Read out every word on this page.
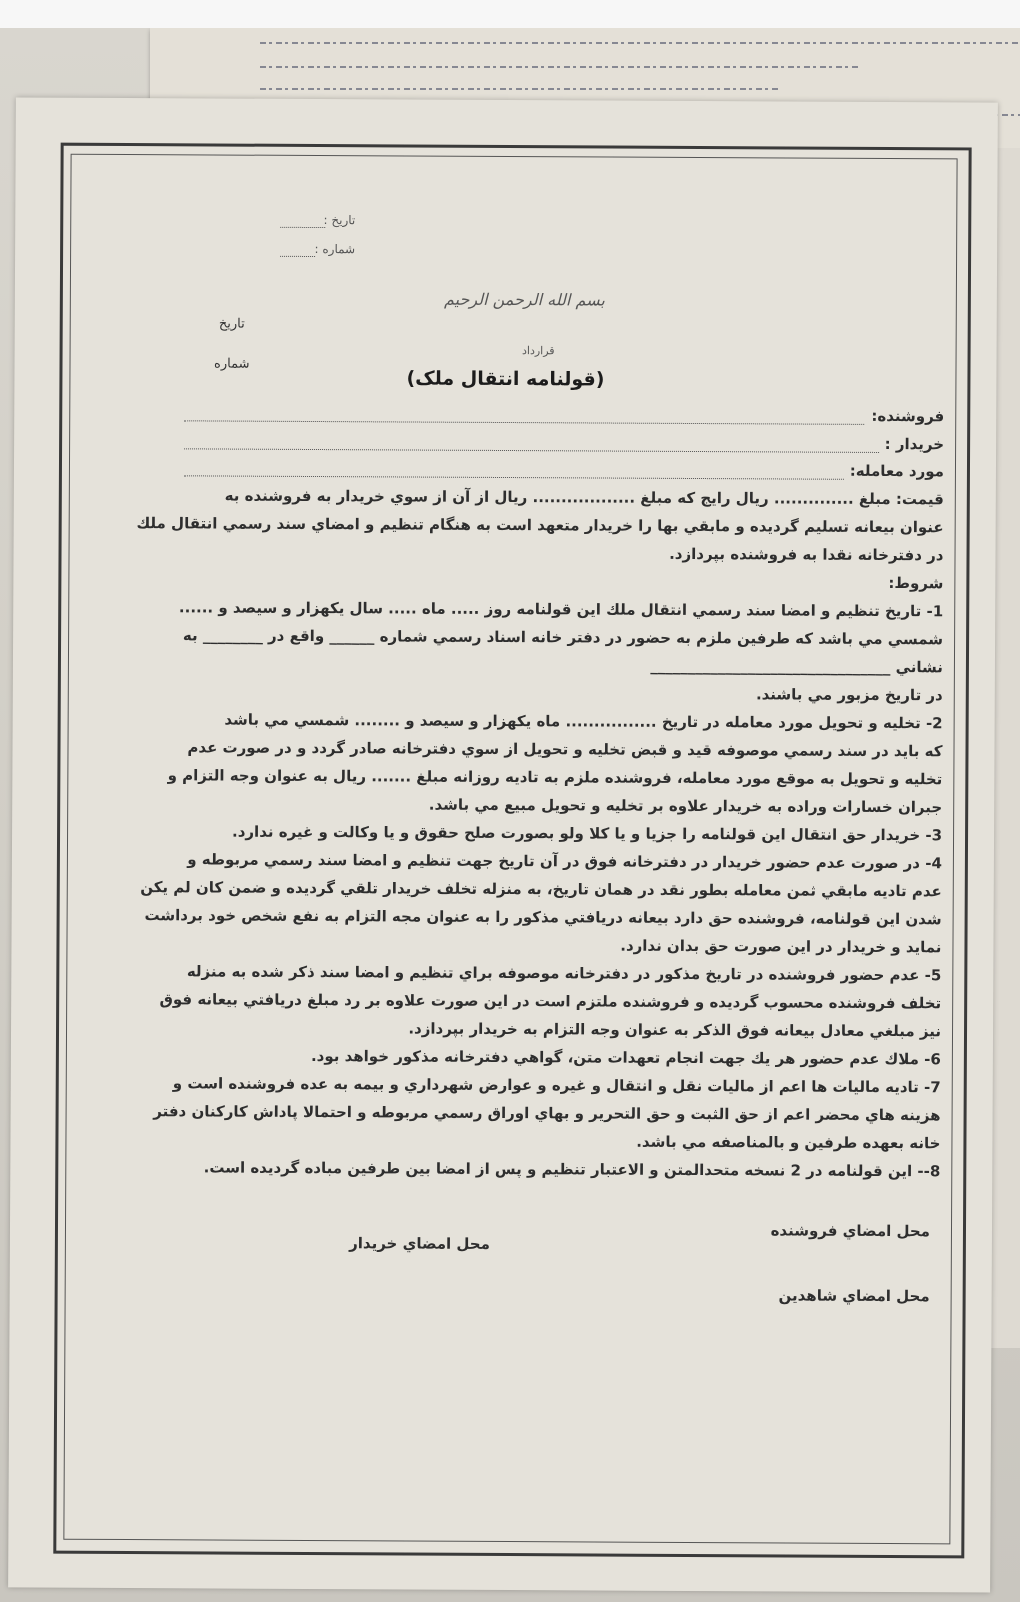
تاريخ :
شماره :
بسم الله الرحمن الرحيم
تاريخ
شماره
قرارداد
(قولنامه انتقال ملک)
فروشنده:
خريدار :
مورد معامله:
قيمت: مبلغ .............. ريال رايج كه مبلغ .................. ريال از آن از سوي خريدار به فروشنده به
عنوان بيعانه تسليم گرديده و مابقي بها را خريدار متعهد است به هنگام تنظيم و امضاي سند رسمي انتقال ملك
در دفترخانه نقدا به فروشنده بپردازد.
شروط:
1- تاريخ تنظيم و امضا سند رسمي انتقال ملك اين قولنامه روز ..... ماه ..... سال يكهزار و سيصد و ......
شمسي مي باشد كه طرفين ملزم به حضور در دفتر خانه اسناد رسمي شماره ______ واقع در ________ به
نشاني ________________________________
در تاريخ مزبور مي باشند.
2- تخليه و تحويل مورد معامله در تاريخ ................ ماه يكهزار و سيصد و ........ شمسي مي باشد
كه بايد در سند رسمي موصوفه قيد و قبض تخليه و تحويل از سوي دفترخانه صادر گردد و در صورت عدم
تخليه و تحويل به موقع مورد معامله، فروشنده ملزم به تاديه روزانه مبلغ ....... ريال به عنوان وجه التزام و
جبران خسارات وراده به خريدار علاوه بر تخليه و تحويل مبيع مي باشد.
3- خريدار حق انتقال اين قولنامه را جزيا و يا كلا ولو بصورت صلح حقوق و يا وكالت و غيره ندارد.
4- در صورت عدم حضور خريدار در دفترخانه فوق در آن تاريخ جهت تنظيم و امضا سند رسمي مربوطه و
عدم تاديه مابقي ثمن معامله بطور نقد در همان تاريخ، به منزله تخلف خريدار تلقي گرديده و ضمن كان لم يكن
شدن اين قولنامه، فروشنده حق دارد بيعانه دريافتي مذكور را به عنوان مجه التزام به نفع شخص خود برداشت
نمايد و خريدار در اين صورت حق بدان ندارد.
5- عدم حضور فروشنده در تاريخ مذكور در دفترخانه موصوفه براي تنظيم و امضا سند ذكر شده به منزله
تخلف فروشنده محسوب گرديده و فروشنده ملتزم است در اين صورت علاوه بر رد مبلغ دريافتي بيعانه فوق
نيز مبلغي معادل بيعانه فوق الذكر به عنوان وجه التزام به خريدار بپردازد.
6- ملاك عدم حضور هر يك جهت انجام تعهدات متن، گواهي دفترخانه مذكور خواهد بود.
7- تاديه ماليات ها اعم از ماليات نقل و انتقال و غيره و عوارض شهرداري و بيمه به عده فروشنده است و
هزينه هاي محضر اعم از حق الثبت و حق التحرير و بهاي اوراق رسمي مربوطه و احتمالا پاداش كاركنان دفتر
خانه بعهده طرفين و بالمناصفه مي باشد.
8-- اين قولنامه در 2 نسخه متحدالمتن و الاعتبار تنظيم و پس از امضا بين طرفين مباده گرديده است.
محل امضاي فروشنده
محل امضاي خريدار
محل امضاي شاهدين
